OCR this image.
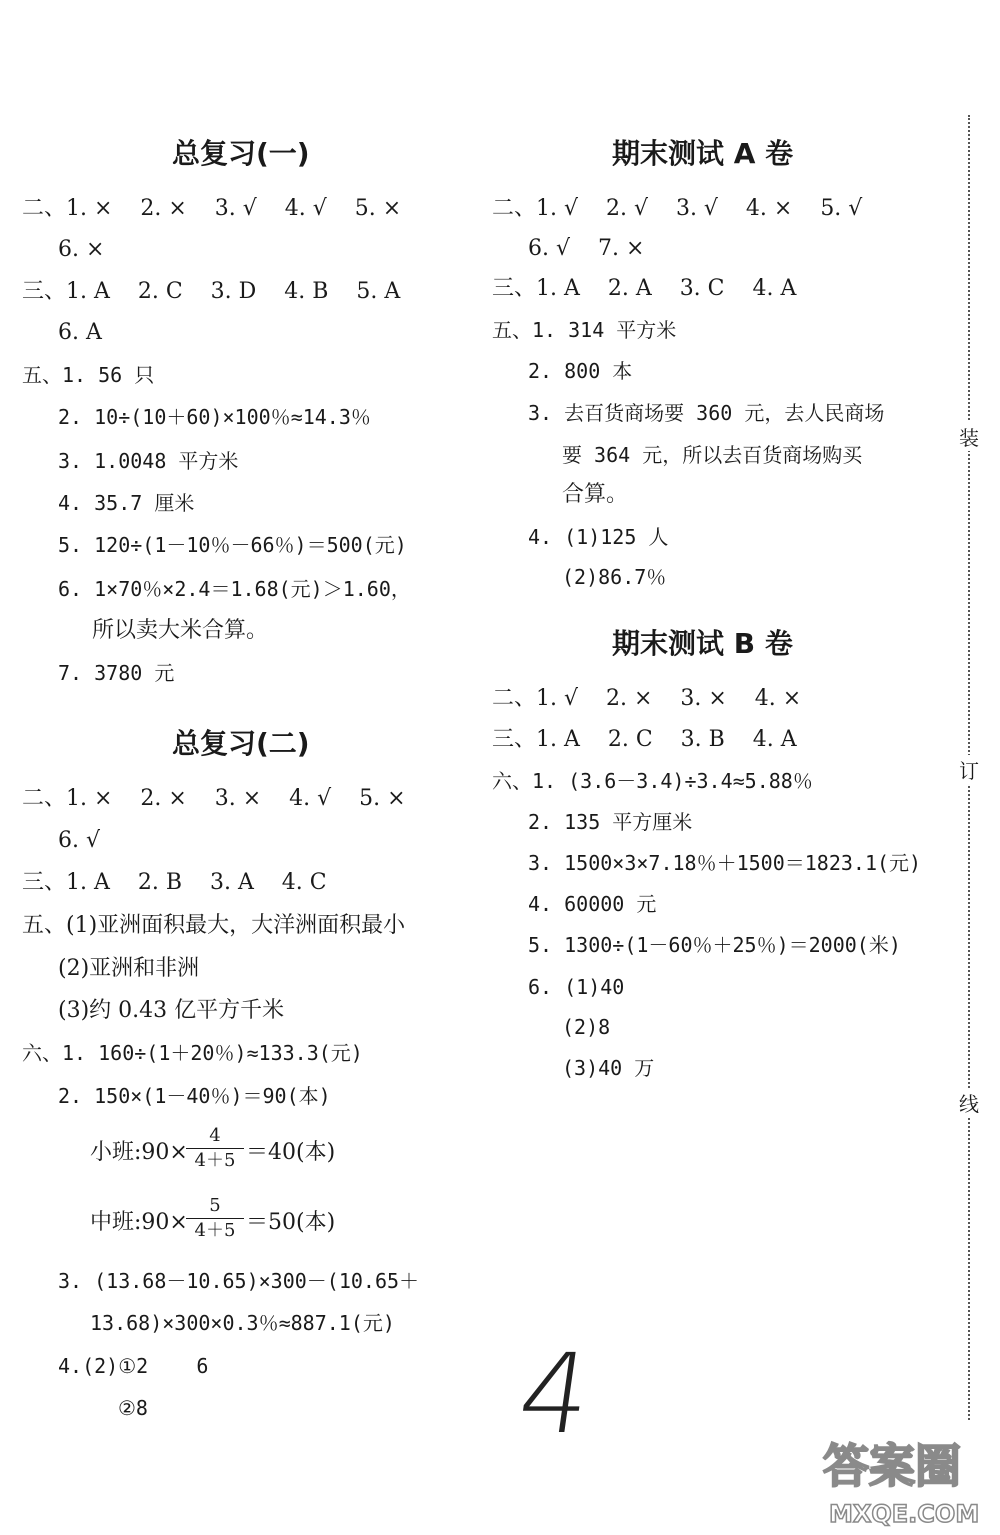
总复习(一)
二、1. ×    2. ×    3. √    4. √    5. ×
6. ×
三、1. A    2. C    3. D    4. B    5. A
6. A
五、1. 56 只
2. 10÷(10＋60)×100％≈14.3％
3. 1.0048 平方米
4. 35.7 厘米
5. 120÷(1－10％－66％)＝500(元)
6. 1×70％×2.4＝1.68(元)＞1.60，
所以卖大米合算。
7. 3780 元
总复习(二)
二、1. ×    2. ×    3. ×    4. √    5. ×
6. √
三、1. A    2. B    3. A    4. C
五、(1)亚洲面积最大，大洋洲面积最小
(2)亚洲和非洲
(3)约 0.43 亿平方千米
六、1. 160÷(1＋20％)≈133.3(元)
2. 150×(1－40％)＝90(本)
小班:90×
$\frac{4}{4+5} =40$(本)
中班:90×
$\frac{5}{4+5} =50$(本)
3. (13.68－10.65)×300－(10.65＋
13.68)×300×0.3％≈887.1(元)
4.(2)①2    6
②8
期末测试 A 卷
二、1. √    2. √    3. √    4. ×    5. √
6. √    7. ×
三、1. A    2. A    3. C    4. A
五、1. 314 平方米
2. 800 本
3. 去百货商场要 360 元，去人民商场
要 364 元，所以去百货商场购买
合算。
4. (1)125 人
(2)86.7％
期末测试 B 卷
二、1. √    2. ×    3. ×    4. ×
三、1. A    2. C    3. B    4. A
六、1. (3.6－3.4)÷3.4≈5.88％
2. 135 平方厘米
3. 1500×3×7.18％＋1500＝1823.1(元)
4. 60000 元
5. 1300÷(1－60％＋25％)＝2000(米)
6. (1)40
(2)8
(3)40 万
装
订
线
4
答案圈
MXQE.COM
